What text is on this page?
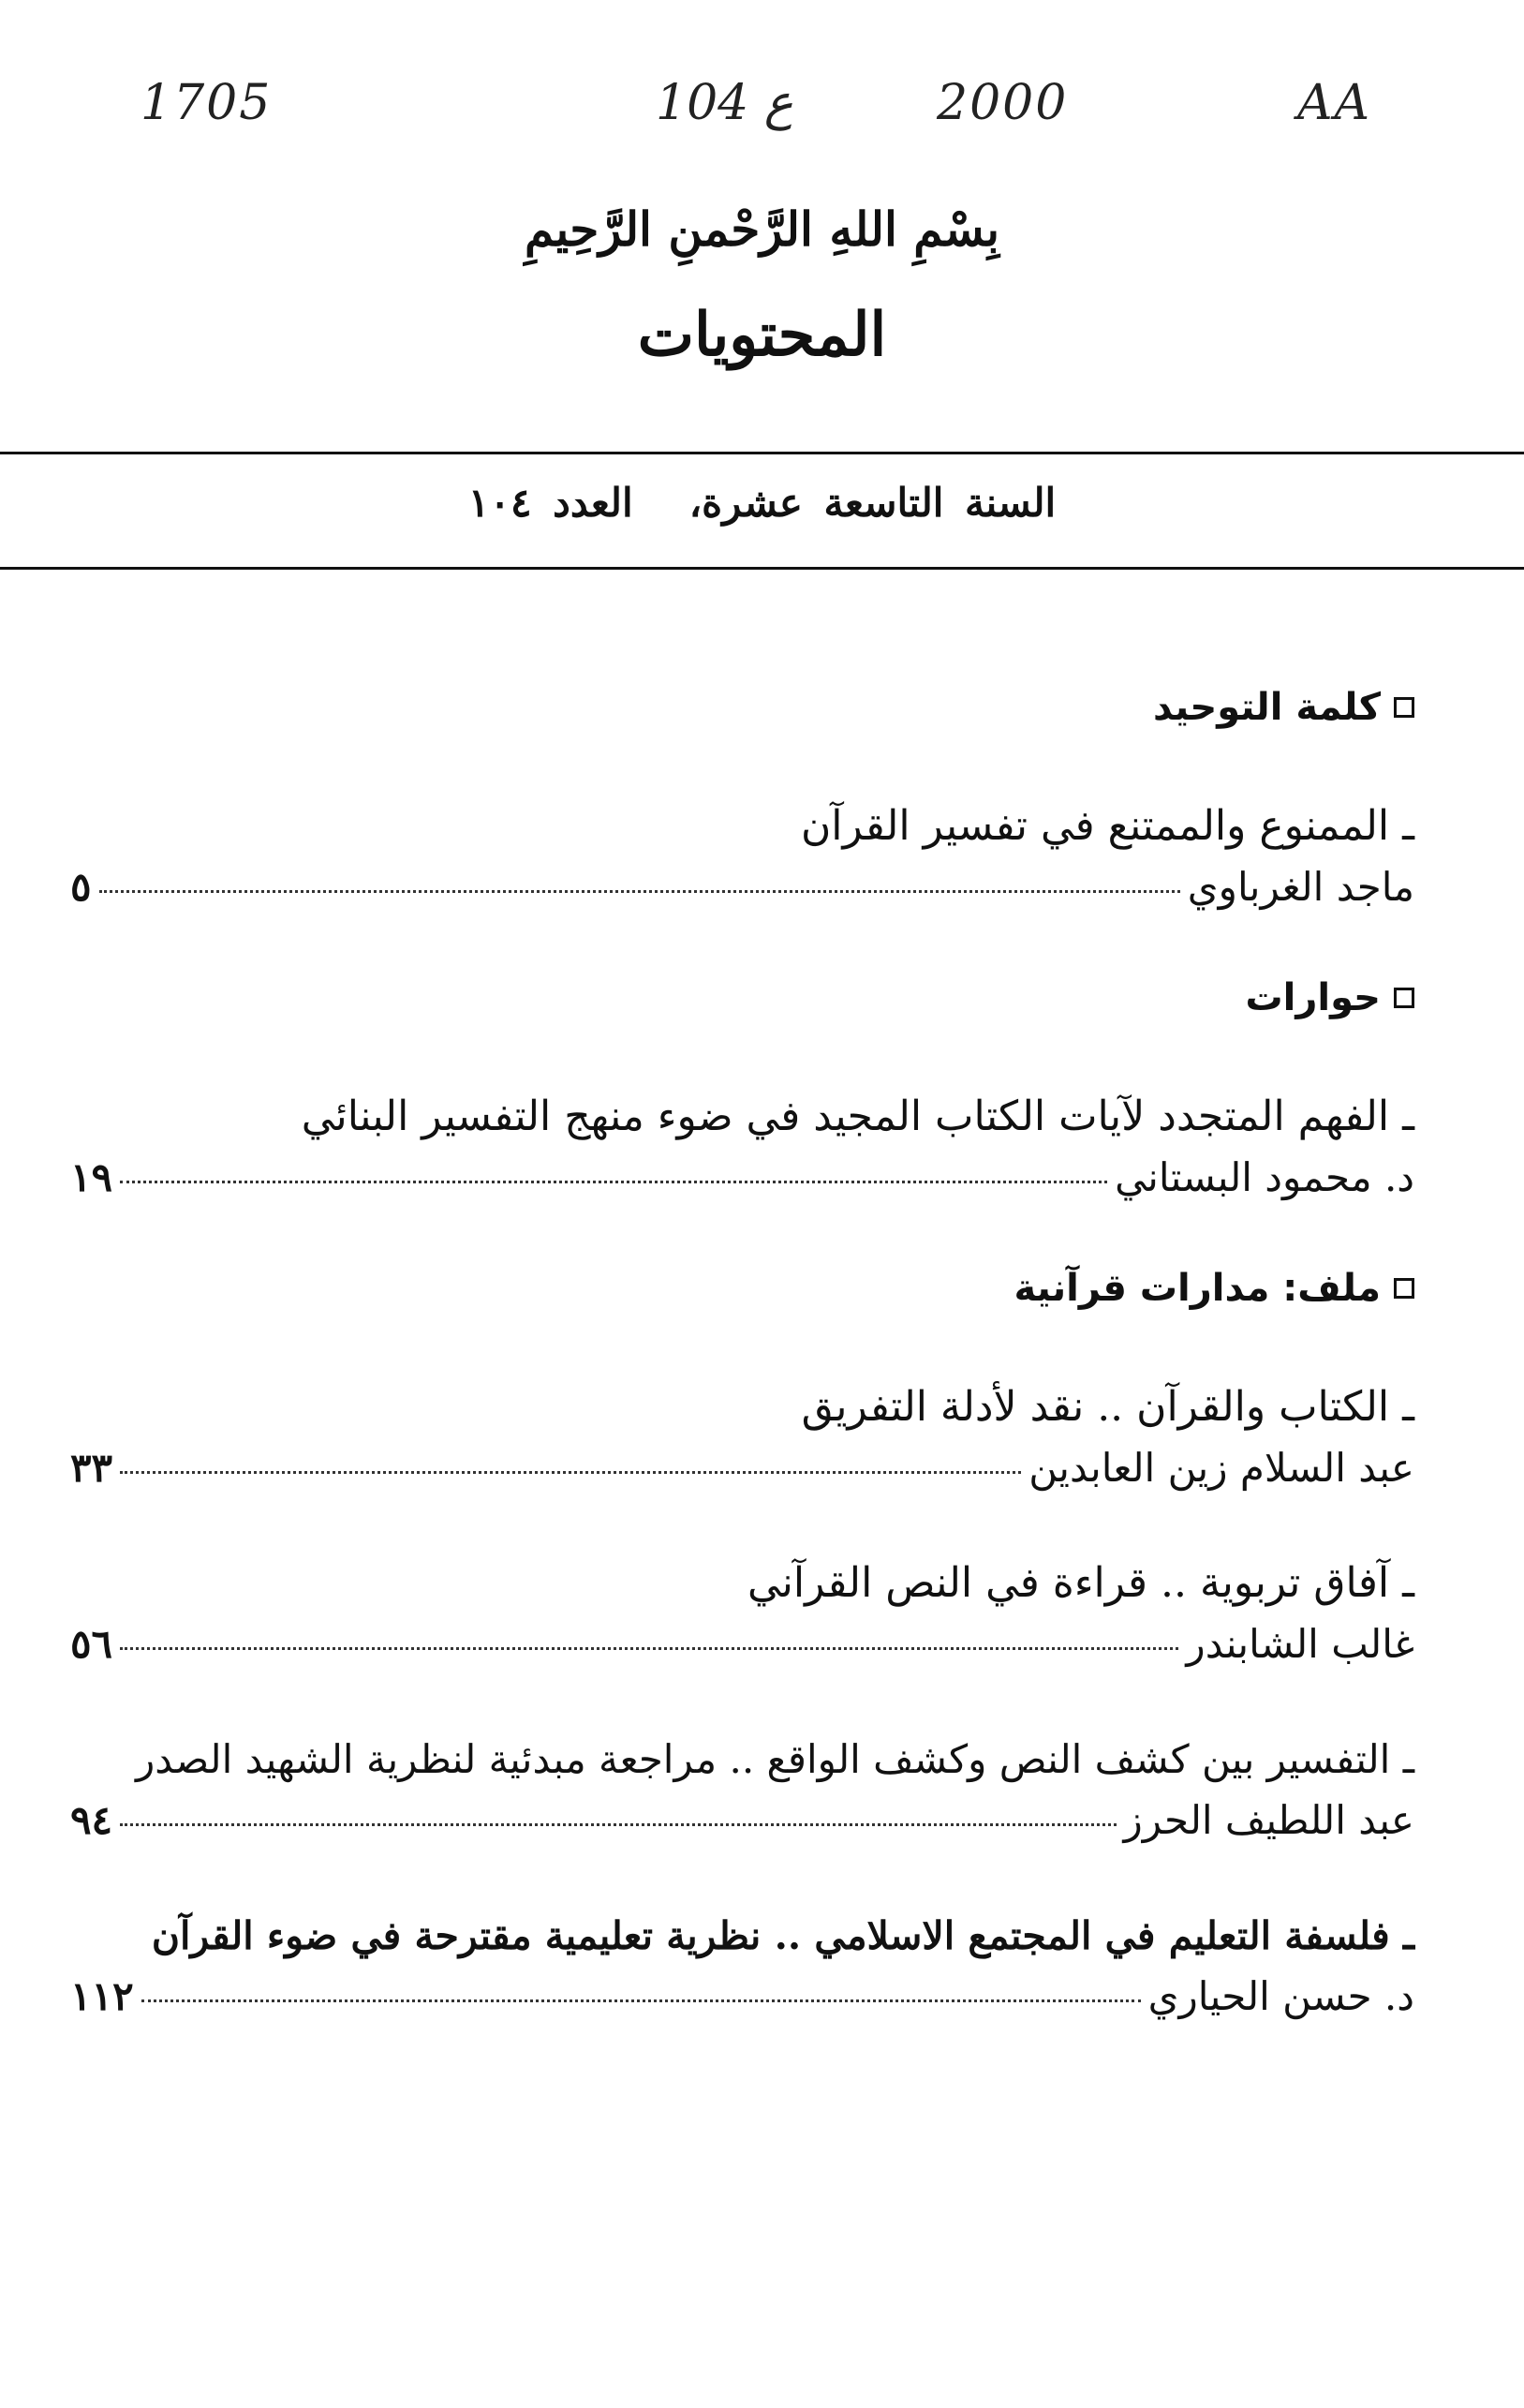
AA
104 ع	2000
1705
بِسْمِ اللهِ الرَّحْمنِ الرَّحِيمِ
المحتويات
السنة التاسعة عشرة،العدد ١٠٤
كلمة التوحيد
ـ الممنوع والممتنع في تفسير القرآن
ماجد الغرباوي
٥
حوارات
ـ الفهم المتجدد لآيات الكتاب المجيد في ضوء منهج التفسير البنائي
د. محمود البستاني
١٩
ملف: مدارات قرآنية
ـ الكتاب والقرآن .. نقد لأدلة التفريق
عبد السلام زين العابدين
٣٣
ـ آفاق تربوية .. قراءة في النص القرآني
غالب الشابندر
٥٦
ـ التفسير بين كشف النص وكشف الواقع .. مراجعة مبدئية لنظرية الشهيد الصدر
عبد اللطيف الحرز
٩٤
ـ فلسفة التعليم في المجتمع الاسلامي .. نظرية تعليمية مقترحة في ضوء القرآن
د. حسن الحياري
١١٢
